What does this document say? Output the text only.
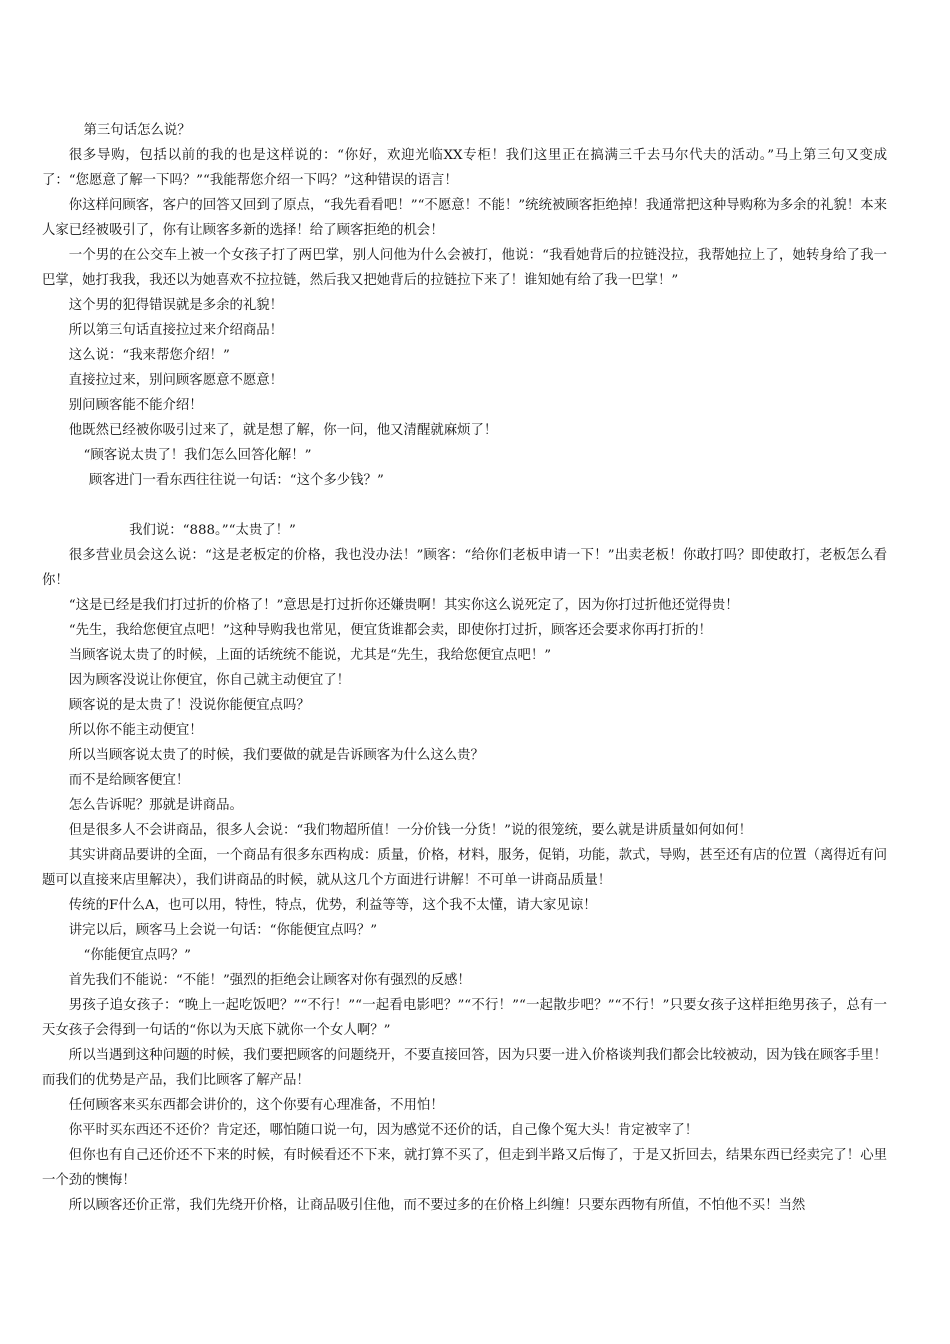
第三句话怎么说？

很多导购，包括以前的我的也是这样说的：“你好，欢迎光临XX专柜！我们这里正在搞满三千去马尔代夫的活动。”马上第三句又变成了：“您愿意了解一下吗？”“我能帮您介绍一下吗？”这种错误的语言！

你这样问顾客，客户的回答又回到了原点，“我先看看吧！”“不愿意！不能！”统统被顾客拒绝掉！我通常把这种导购称为多余的礼貌！本来人家已经被吸引了，你有让顾客多新的选择！给了顾客拒绝的机会！

一个男的在公交车上被一个女孩子打了两巴掌，别人问他为什么会被打，他说：“我看她背后的拉链没拉，我帮她拉上了，她转身给了我一巴掌，她打我我，我还以为她喜欢不拉拉链，然后我又把她背后的拉链拉下来了！谁知她有给了我一巴掌！”

这个男的犯得错误就是多余的礼貌！

所以第三句话直接拉过来介绍商品！

这么说：“我来帮您介绍！”

直接拉过来，别问顾客愿意不愿意！

别问顾客能不能介绍！

他既然已经被你吸引过来了，就是想了解，你一问，他又清醒就麻烦了！

“顾客说太贵了！我们怎么回答化解！”

顾客进门一看东西往往说一句话：“这个多少钱？”

我们说：“888。”“太贵了！”

很多营业员会这么说：“这是老板定的价格，我也没办法！”顾客：“给你们老板申请一下！”出卖老板！你敢打吗？即使敢打，老板怎么看你！

“这是已经是我们打过折的价格了！”意思是打过折你还嫌贵啊！其实你这么说死定了，因为你打过折他还觉得贵！

“先生，我给您便宜点吧！”这种导购我也常见，便宜货谁都会卖，即使你打过折，顾客还会要求你再打折的！

当顾客说太贵了的时候，上面的话统统不能说，尤其是“先生，我给您便宜点吧！”

因为顾客没说让你便宜，你自己就主动便宜了！

顾客说的是太贵了！没说你能便宜点吗？

所以你不能主动便宜！

所以当顾客说太贵了的时候，我们要做的就是告诉顾客为什么这么贵？

而不是给顾客便宜！

怎么告诉呢？那就是讲商品。

但是很多人不会讲商品，很多人会说：“我们物超所值！一分价钱一分货！”说的很笼统，要么就是讲质量如何如何！

其实讲商品要讲的全面，一个商品有很多东西构成：质量，价格，材料，服务，促销，功能，款式，导购，甚至还有店的位置（离得近有问题可以直接来店里解决），我们讲商品的时候，就从这几个方面进行讲解！不可单一讲商品质量！

传统的F什么A，也可以用，特性，特点，优势，利益等等，这个我不太懂，请大家见谅！

讲完以后，顾客马上会说一句话：“你能便宜点吗？”

“你能便宜点吗？”

首先我们不能说：“不能！”强烈的拒绝会让顾客对你有强烈的反感！

男孩子追女孩子：“晚上一起吃饭吧？”“不行！”“一起看电影吧？”“不行！”“一起散步吧？”“不行！”只要女孩子这样拒绝男孩子，总有一天女孩子会得到一句话的“你以为天底下就你一个女人啊？”

所以当遇到这种问题的时候，我们要把顾客的问题绕开，不要直接回答，因为只要一进入价格谈判我们都会比较被动，因为钱在顾客手里！而我们的优势是产品，我们比顾客了解产品！

任何顾客来买东西都会讲价的，这个你要有心理准备，不用怕！

你平时买东西还不还价？肯定还，哪怕随口说一句，因为感觉不还价的话，自己像个冤大头！肯定被宰了！

但你也有自己还价还不下来的时候，有时候看还不下来，就打算不买了，但走到半路又后悔了，于是又折回去，结果东西已经卖完了！心里一个劲的懊悔！

所以顾客还价正常，我们先绕开价格，让商品吸引住他，而不要过多的在价格上纠缠！只要东西物有所值，不怕他不买！当然
